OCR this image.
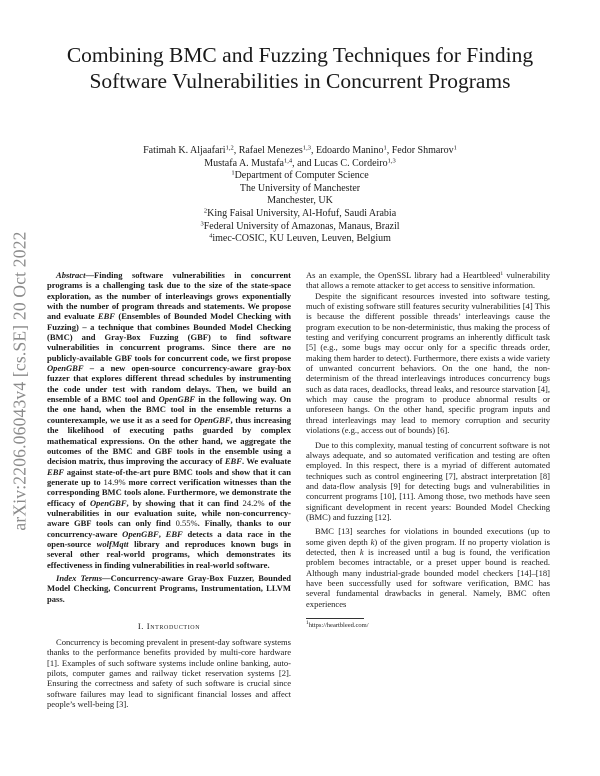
arXiv:2206.06043v4 [cs.SE] 20 Oct 2022
Combining BMC and Fuzzing Techniques for Finding Software Vulnerabilities in Concurrent Programs
Fatimah K. Aljaafari$^{1,2}$, Rafael Menezes$^{1,3}$, Edoardo Manino$^1$, Fedor Shmarov$^1$
Mustafa A. Mustafa$^{1,4}$, and Lucas C. Cordeiro$^{1,3}$
$^1$Department of Computer Science
The University of Manchester
Manchester, UK
$^2$King Faisal University, Al-Hofuf, Saudi Arabia
$^3$Federal University of Amazonas, Manaus, Brazil
$^4$imec-COSIC, KU Leuven, Leuven, Belgium

Abstract—Finding software vulnerabilities in concurrent programs is a challenging task due to the size of the state-space exploration, as the number of interleavings grows exponentially with the number of program threads and statements. We propose and evaluate EBF (Ensembles of Bounded Model Checking with Fuzzing) – a technique that combines Bounded Model Checking (BMC) and Gray-Box Fuzzing (GBF) to find software vulnerabilities in concurrent programs. Since there are no publicly-available GBF tools for concurrent code, we first propose OpenGBF – a new open-source concurrency-aware gray-box fuzzer that explores different thread schedules by instrumenting the code under test with random delays. Then, we build an ensemble of a BMC tool and OpenGBF in the following way. On the one hand, when the BMC tool in the ensemble returns a counterexample, we use it as a seed for OpenGBF, thus increasing the likelihood of executing paths guarded by complex mathematical expressions. On the other hand, we aggregate the outcomes of the BMC and GBF tools in the ensemble using a decision matrix, thus improving the accuracy of EBF. We evaluate EBF against state-of-the-art pure BMC tools and show that it can generate up to 14.9% more correct verification witnesses than the corresponding BMC tools alone. Furthermore, we demonstrate the efficacy of OpenGBF, by showing that it can find 24.2% of the vulnerabilities in our evaluation suite, while non-concurrency-aware GBF tools can only find 0.55%. Finally, thanks to our concurrency-aware OpenGBF, EBF detects a data race in the open-source wolfMqtt library and reproduces known bugs in several other real-world programs, which demonstrates its effectiveness in finding vulnerabilities in real-world software.

Index Terms—Concurrency-aware Gray-Box Fuzzer, Bounded Model Checking, Concurrent Programs, Instrumentation, LLVM pass.

I. Introduction

Concurrency is becoming prevalent in present-day software systems thanks to the performance benefits provided by multi-core hardware [1]. Examples of such software systems include online banking, auto-pilots, computer games and railway ticket reservation systems [2]. Ensuring the correctness and safety of such software is crucial since software failures may lead to significant financial losses and affect people’s well-being [3].

As an example, the OpenSSL library had a Heartbleed$^1$ vulnerability that allows a remote attacker to get access to sensitive information.

Despite the significant resources invested into software testing, much of existing software still features security vulnerabilities [4] This is because the different possible threads’ interleavings cause the program execution to be non-deterministic, thus making the process of testing and verifying concurrent programs an inherently difficult task [5] (e.g., some bugs may occur only for a specific threads order, making them harder to detect). Furthermore, there exists a wide variety of unwanted concurrent behaviors. On the one hand, the non-determinism of the thread interleavings introduces concurrency bugs such as data races, deadlocks, thread leaks, and resource starvation [4], which may cause the program to produce abnormal results or unforeseen hangs. On the other hand, specific program inputs and thread interleavings may lead to memory corruption and security violations (e.g., access out of bounds) [6].

Due to this complexity, manual testing of concurrent software is not always adequate, and so automated verification and testing are often employed. In this respect, there is a myriad of different automated techniques such as control engineering [7], abstract interpretation [8] and data-flow analysis [9] for detecting bugs and vulnerabilities in concurrent programs [10], [11]. Among those, two methods have seen significant development in recent years: Bounded Model Checking (BMC) and fuzzing [12].

BMC [13] searches for violations in bounded executions (up to some given depth k) of the given program. If no property violation is detected, then k is increased until a bug is found, the verification problem becomes intractable, or a preset upper bound is reached. Although many industrial-grade bounded model checkers [14]–[18] have been successfully used for software verification, BMC has several fundamental drawbacks in general. Namely, BMC often experiences

$^1$https://heartbleed.com/
